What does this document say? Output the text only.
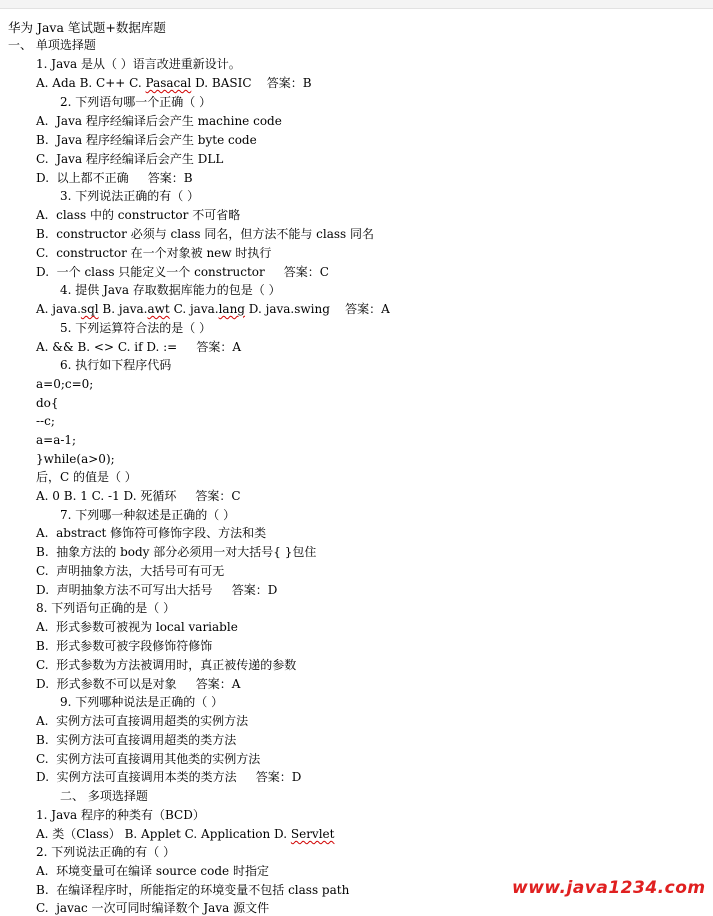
华为 Java 笔试题+数据库题
一、 单项选择题
1. Java 是从（ ）语言改进重新设计。
A. Ada B. C++ C. Pasacal D. BASIC    答案：B
2. 下列语句哪一个正确（ ）
A.  Java 程序经编译后会产生 machine code
B.  Java 程序经编译后会产生 byte code
C.  Java 程序经编译后会产生 DLL
D.  以上都不正确     答案：B
3. 下列说法正确的有（ ）
A.  class 中的 constructor 不可省略
B.  constructor 必须与 class 同名，但方法不能与 class 同名
C.  constructor 在一个对象被 new 时执行
D.  一个 class 只能定义一个 constructor     答案：C
4. 提供 Java 存取数据库能力的包是（ ）
A. java.sql B. java.awt C. java.lang D. java.swing    答案：A
5. 下列运算符合法的是（ ）
A. && B. <> C. if D. :=     答案：A
6. 执行如下程序代码
a=0;c=0;
do{
--c;
a=a-1;
}while(a>0);
后，C 的值是（ ）
A. 0 B. 1 C. -1 D. 死循环     答案：C
7. 下列哪一种叙述是正确的（ ）
A.  abstract 修饰符可修饰字段、方法和类
B.  抽象方法的 body 部分必须用一对大括号{ }包住
C.  声明抽象方法，大括号可有可无
D.  声明抽象方法不可写出大括号     答案：D
8. 下列语句正确的是（ ）
A.  形式参数可被视为 local variable
B.  形式参数可被字段修饰符修饰
C.  形式参数为方法被调用时，真正被传递的参数
D.  形式参数不可以是对象     答案：A
9. 下列哪种说法是正确的（ ）
A.  实例方法可直接调用超类的实例方法
B.  实例方法可直接调用超类的类方法
C.  实例方法可直接调用其他类的实例方法
D.  实例方法可直接调用本类的类方法     答案：D
二、 多项选择题
1. Java 程序的种类有（BCD）
A. 类（Class） B. Applet C. Application D. Servlet
2. 下列说法正确的有（ ）
A.  环境变量可在编译 source code 时指定
B.  在编译程序时，所能指定的环境变量不包括 class path
C.  javac 一次可同时编译数个 Java 源文件
www.java1234.com
